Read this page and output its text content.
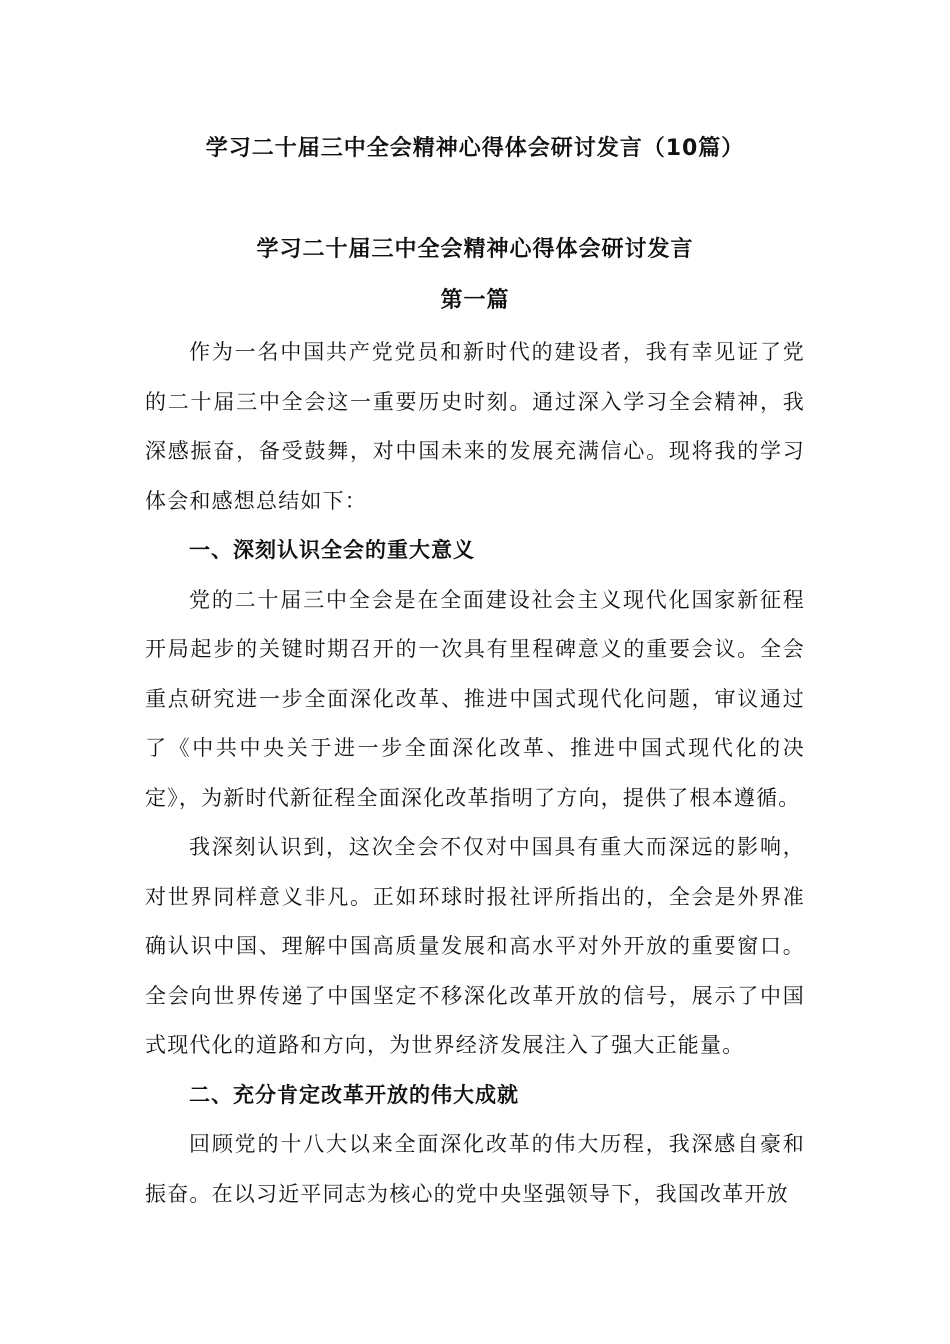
学习二十届三中全会精神心得体会研讨发言（10篇）
学习二十届三中全会精神心得体会研讨发言
第一篇

作为一名中国共产党党员和新时代的建设者，我有幸见证了党的二十届三中全会这一重要历史时刻。通过深入学习全会精神，我深感振奋，备受鼓舞，对中国未来的发展充满信心。现将我的学习体会和感想总结如下：

一、深刻认识全会的重大意义

党的二十届三中全会是在全面建设社会主义现代化国家新征程开局起步的关键时期召开的一次具有里程碑意义的重要会议。全会重点研究进一步全面深化改革、推进中国式现代化问题，审议通过了《中共中央关于进一步全面深化改革、推进中国式现代化的决定》，为新时代新征程全面深化改革指明了方向，提供了根本遵循。

我深刻认识到，这次全会不仅对中国具有重大而深远的影响，对世界同样意义非凡。正如环球时报社评所指出的，全会是外界准确认识中国、理解中国高质量发展和高水平对外开放的重要窗口。全会向世界传递了中国坚定不移深化改革开放的信号，展示了中国式现代化的道路和方向，为世界经济发展注入了强大正能量。

二、充分肯定改革开放的伟大成就

回顾党的十八大以来全面深化改革的伟大历程，我深感自豪和振奋。在以习近平同志为核心的党中央坚强领导下，我国改革开放
